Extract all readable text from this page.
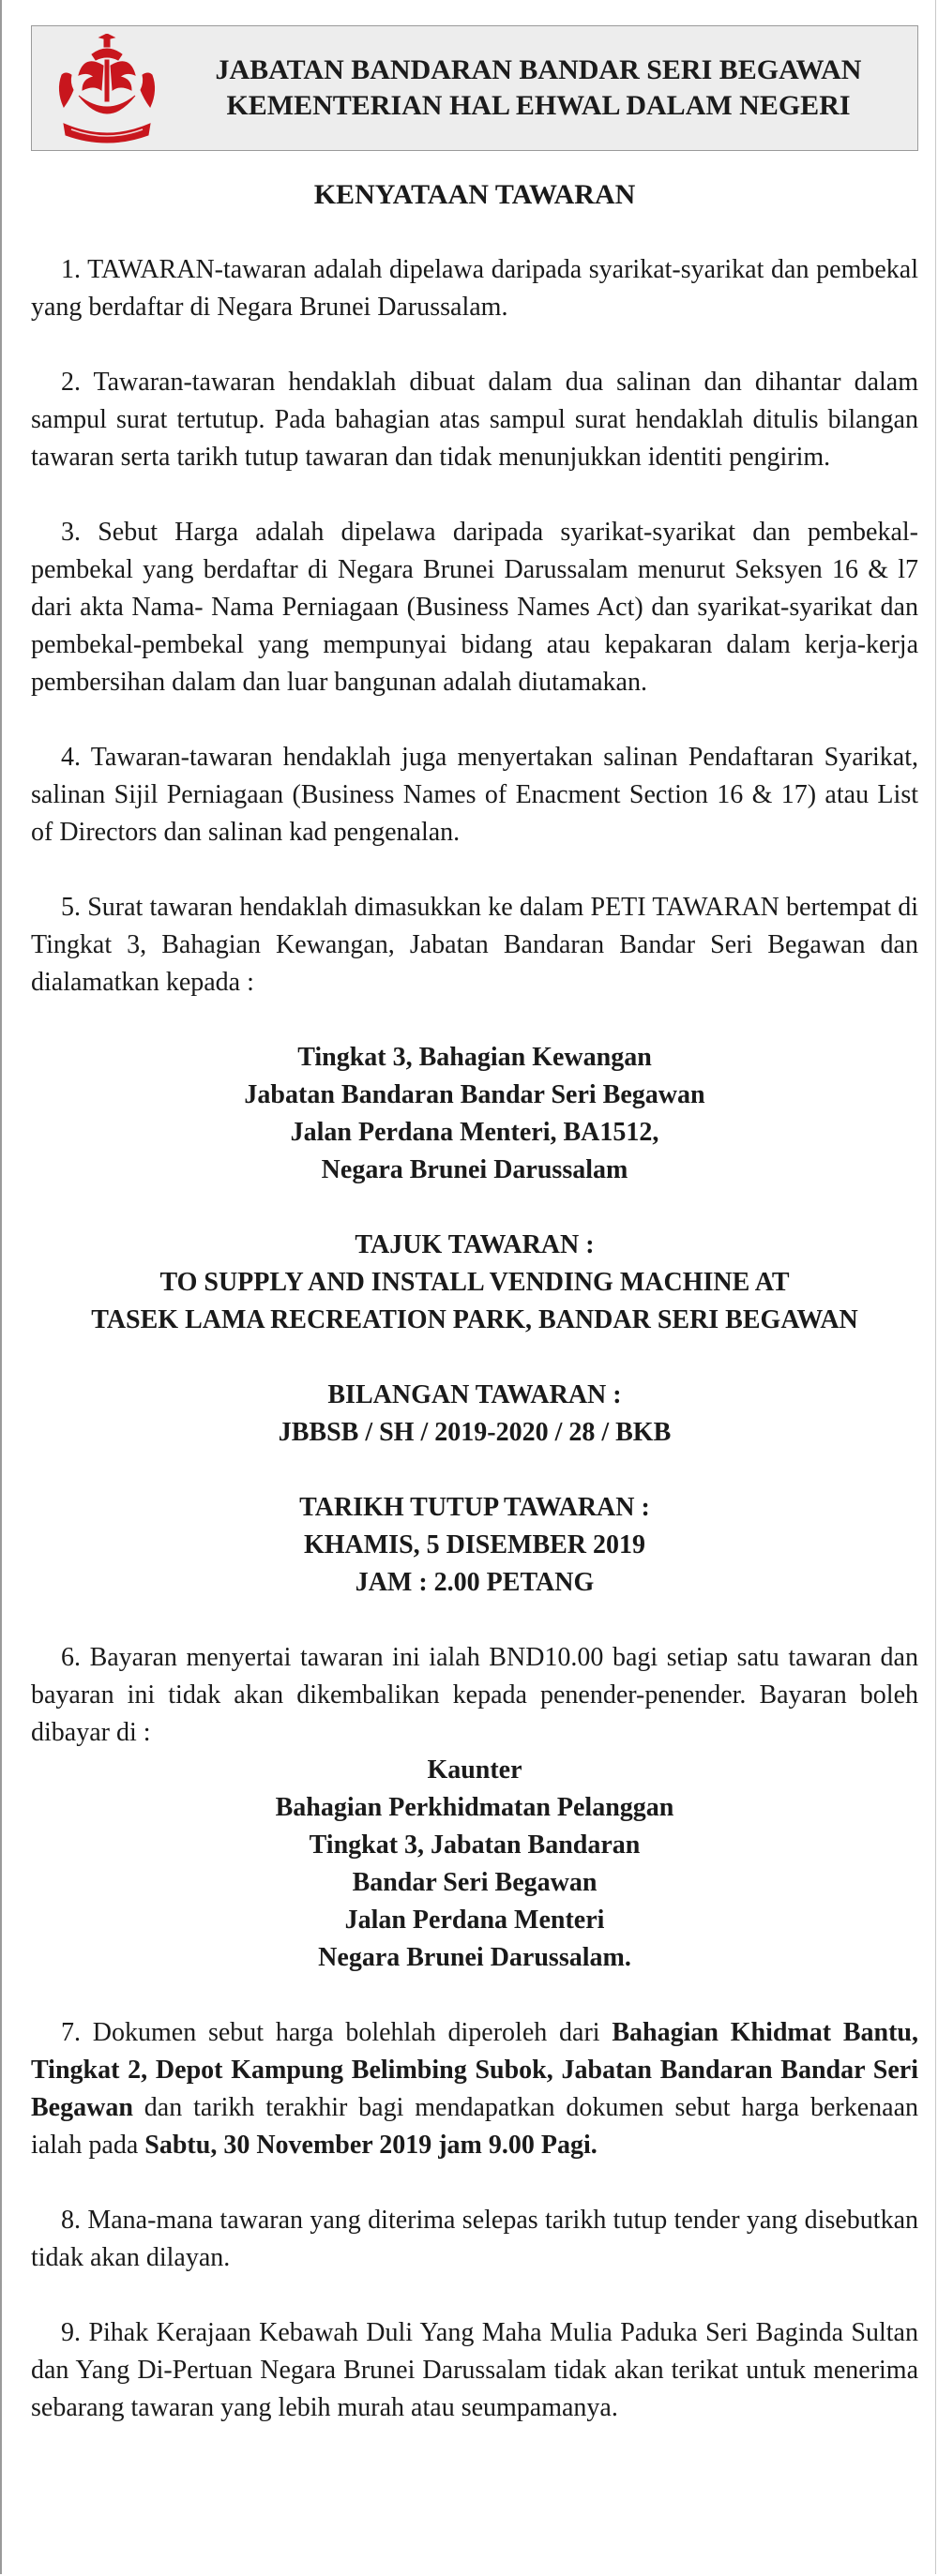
JABATAN BANDARAN BANDAR SERI BEGAWAN
KEMENTERIAN HAL EHWAL DALAM NEGERI

KENYATAAN TAWARAN

1. TAWARAN-tawaran adalah dipelawa daripada syarikat-syarikat dan pembekal yang berdaftar di Negara Brunei Darussalam.

2. Tawaran-tawaran hendaklah dibuat dalam dua salinan dan dihantar dalam sampul surat tertutup. Pada bahagian atas sampul surat hendaklah ditulis bilangan tawaran serta tarikh tutup tawaran dan tidak menunjukkan identiti pengirim.

3. Sebut Harga adalah dipelawa daripada syarikat-syarikat dan pembekal-pembekal yang berdaftar di Negara Brunei Darussalam menurut Seksyen 16 & l7 dari akta Nama- Nama Perniagaan (Business Names Act) dan syarikat-syarikat dan pembekal-pembekal yang mempunyai bidang atau kepakaran dalam kerja-kerja pembersihan dalam dan luar bangunan adalah diutamakan.

4. Tawaran-tawaran hendaklah juga menyertakan salinan Pendaftaran Syarikat, salinan Sijil Perniagaan (Business Names of Enacment Section 16 & 17) atau List of Directors dan salinan kad pengenalan.

5. Surat tawaran hendaklah dimasukkan ke dalam PETI TAWARAN bertempat di Tingkat 3, Bahagian Kewangan, Jabatan Bandaran Bandar Seri Begawan dan dialamatkan kepada :

Tingkat 3, Bahagian Kewangan

Jabatan Bandaran Bandar Seri Begawan

Jalan Perdana Menteri, BA1512,

Negara Brunei Darussalam

TAJUK TAWARAN :

TO SUPPLY AND INSTALL VENDING MACHINE AT

TASEK LAMA RECREATION PARK, BANDAR SERI BEGAWAN

BILANGAN TAWARAN :

JBBSB / SH / 2019-2020 / 28 / BKB

TARIKH TUTUP TAWARAN :

KHAMIS, 5 DISEMBER 2019

JAM : 2.00 PETANG

6. Bayaran menyertai tawaran ini ialah BND10.00 bagi setiap satu tawaran dan bayaran ini tidak akan dikembalikan kepada penender-penender. Bayaran boleh dibayar di :

Kaunter

Bahagian Perkhidmatan Pelanggan

Tingkat 3, Jabatan Bandaran

Bandar Seri Begawan

Jalan Perdana Menteri

Negara Brunei Darussalam.

7. Dokumen sebut harga bolehlah diperoleh dari Bahagian Khidmat Bantu, Tingkat 2, Depot Kampung Belimbing Subok, Jabatan Bandaran Bandar Seri Begawan dan tarikh terakhir bagi mendapatkan dokumen sebut harga berkenaan ialah pada Sabtu, 30 November 2019 jam 9.00 Pagi.

8. Mana-mana tawaran yang diterima selepas tarikh tutup tender yang disebutkan tidak akan dilayan.

9. Pihak Kerajaan Kebawah Duli Yang Maha Mulia Paduka Seri Baginda Sultan dan Yang Di-Pertuan Negara Brunei Darussalam tidak akan terikat untuk menerima sebarang tawaran yang lebih murah atau seumpamanya.
